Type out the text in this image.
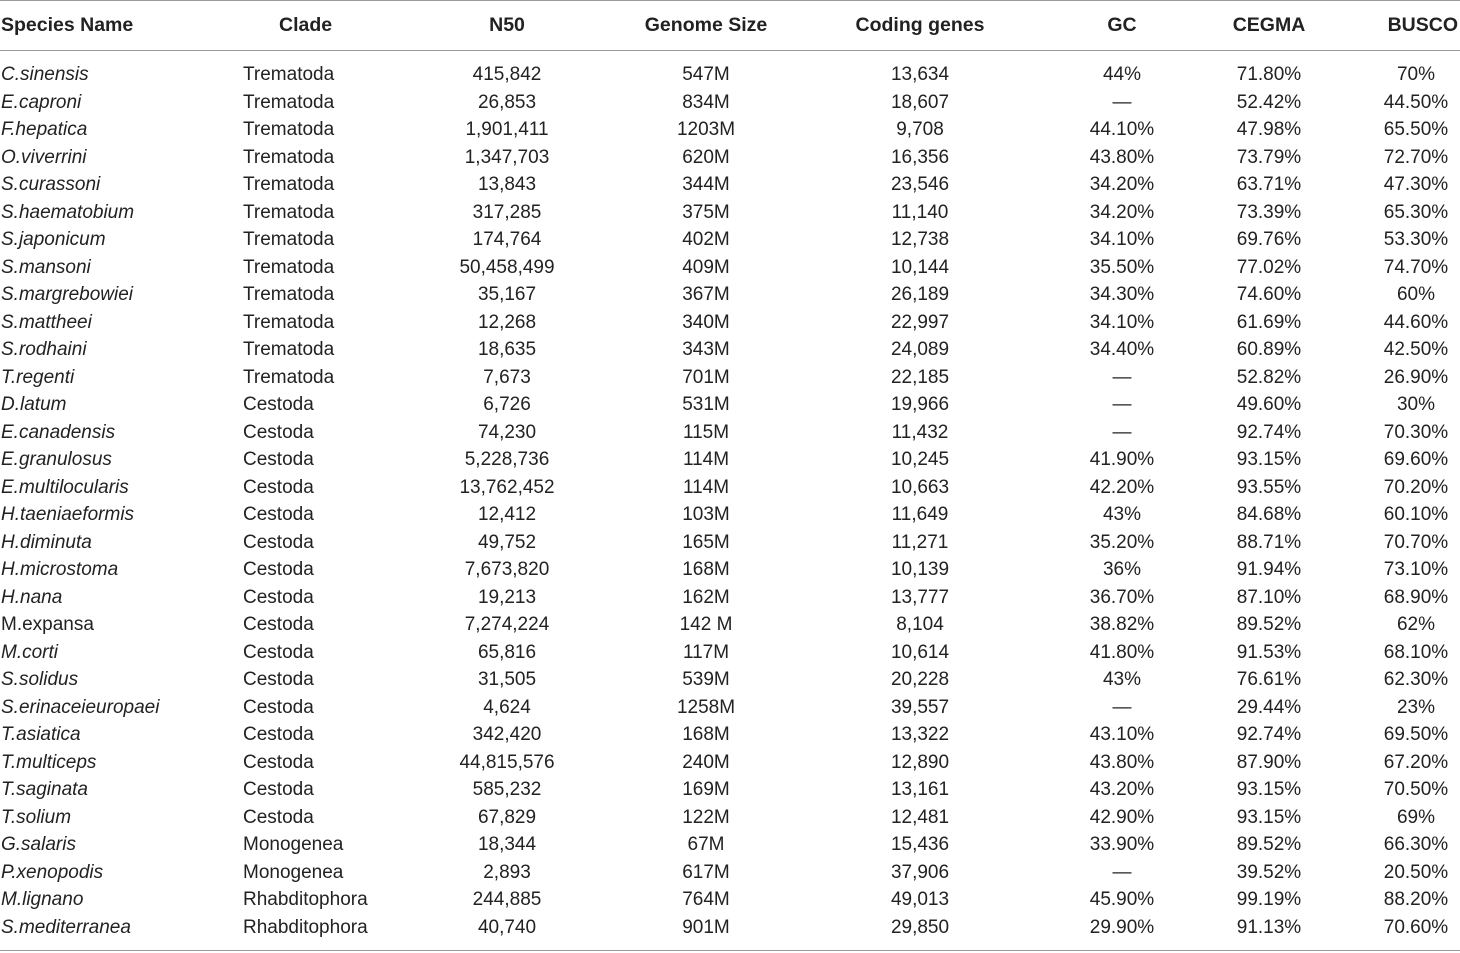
Species Name	Clade	N50	Genome Size	Coding genes	GC	CEGMA	BUSCO
C.sinensis	Trematoda	415,842	547M	13,634	44%	71.80%	70%
E.caproni	Trematoda	26,853	834M	18,607	—	52.42%	44.50%
F.hepatica	Trematoda	1,901,411	1203M	9,708	44.10%	47.98%	65.50%
O.viverrini	Trematoda	1,347,703	620M	16,356	43.80%	73.79%	72.70%
S.curassoni	Trematoda	13,843	344M	23,546	34.20%	63.71%	47.30%
S.haematobium	Trematoda	317,285	375M	11,140	34.20%	73.39%	65.30%
S.japonicum	Trematoda	174,764	402M	12,738	34.10%	69.76%	53.30%
S.mansoni	Trematoda	50,458,499	409M	10,144	35.50%	77.02%	74.70%
S.margrebowiei	Trematoda	35,167	367M	26,189	34.30%	74.60%	60%
S.mattheei	Trematoda	12,268	340M	22,997	34.10%	61.69%	44.60%
S.rodhaini	Trematoda	18,635	343M	24,089	34.40%	60.89%	42.50%
T.regenti	Trematoda	7,673	701M	22,185	—	52.82%	26.90%
D.latum	Cestoda	6,726	531M	19,966	—	49.60%	30%
E.canadensis	Cestoda	74,230	115M	11,432	—	92.74%	70.30%
E.granulosus	Cestoda	5,228,736	114M	10,245	41.90%	93.15%	69.60%
E.multilocularis	Cestoda	13,762,452	114M	10,663	42.20%	93.55%	70.20%
H.taeniaeformis	Cestoda	12,412	103M	11,649	43%	84.68%	60.10%
H.diminuta	Cestoda	49,752	165M	11,271	35.20%	88.71%	70.70%
H.microstoma	Cestoda	7,673,820	168M	10,139	36%	91.94%	73.10%
H.nana	Cestoda	19,213	162M	13,777	36.70%	87.10%	68.90%
M.expansa	Cestoda	7,274,224	142 M	8,104	38.82%	89.52%	62%
M.corti	Cestoda	65,816	117M	10,614	41.80%	91.53%	68.10%
S.solidus	Cestoda	31,505	539M	20,228	43%	76.61%	62.30%
S.erinaceieuropaei	Cestoda	4,624	1258M	39,557	—	29.44%	23%
T.asiatica	Cestoda	342,420	168M	13,322	43.10%	92.74%	69.50%
T.multiceps	Cestoda	44,815,576	240M	12,890	43.80%	87.90%	67.20%
T.saginata	Cestoda	585,232	169M	13,161	43.20%	93.15%	70.50%
T.solium	Cestoda	67,829	122M	12,481	42.90%	93.15%	69%
G.salaris	Monogenea	18,344	67M	15,436	33.90%	89.52%	66.30%
P.xenopodis	Monogenea	2,893	617M	37,906	—	39.52%	20.50%
M.lignano	Rhabditophora	244,885	764M	49,013	45.90%	99.19%	88.20%
S.mediterranea	Rhabditophora	40,740	901M	29,850	29.90%	91.13%	70.60%
